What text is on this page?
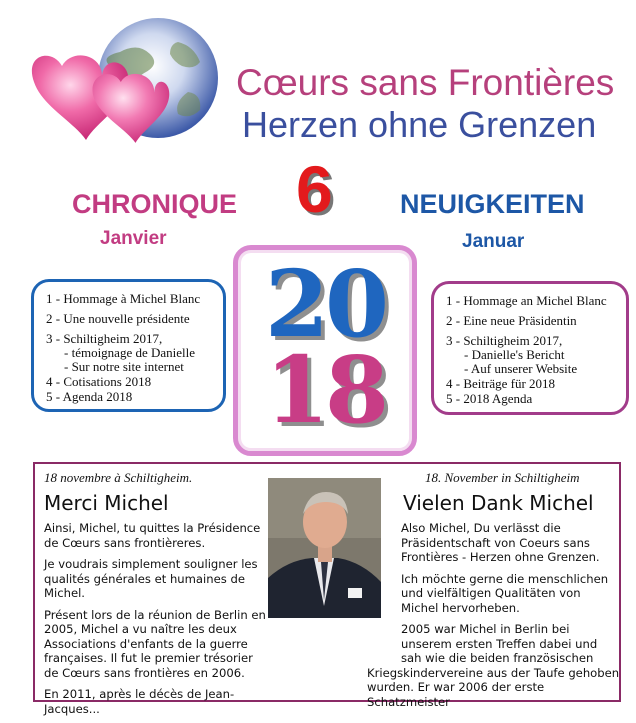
Cœurs sans Frontières
Herzen ohne Grenzen
6
CHRONIQUE
Janvier
NEUIGKEITEN
Januar
1 - Hommage à Michel Blanc
2 - Une nouvelle présidente
3 - Schiltigheim 2017,
- témoignage de Danielle
- Sur notre site internet
4 - Cotisations 2018
5 - Agenda 2018
20
18
1 - Hommage an Michel Blanc
2 - Eine neue Präsidentin
3 - Schiltigheim 2017,
- Danielle's Bericht
- Auf unserer Website
4 - Beiträge für 2018
5 - 2018 Agenda
18 novembre à Schiltigheim.	18. November in Schiltigheim
Merci Michel	Vielen Dank Michel

Ainsi, Michel, tu quittes la Présidence de Cœurs sans frontièreres.

Je voudrais simplement souligner les qualités générales et humaines de Michel.

Présent lors de la réunion de Berlin en 2005, Michel a vu naître les deux Associations d'enfants de la guerre françaises. Il fut le premier trésorier de Cœurs sans frontières en 2006.

En 2011, après le décès de Jean-Jacques...

Also Michel, Du verlässt die Präsidentschaft von Coeurs sans Frontières - Herzen ohne Grenzen.

Ich möchte gerne die menschlichen und vielfältigen Qualitäten von Michel hervorheben.

2005 war Michel in Berlin bei unserem ersten Treffen dabei und sah wie die beiden französischen
Kriegskindervereine aus der Taufe gehoben wurden. Er war 2006 der erste Schatzmeister
